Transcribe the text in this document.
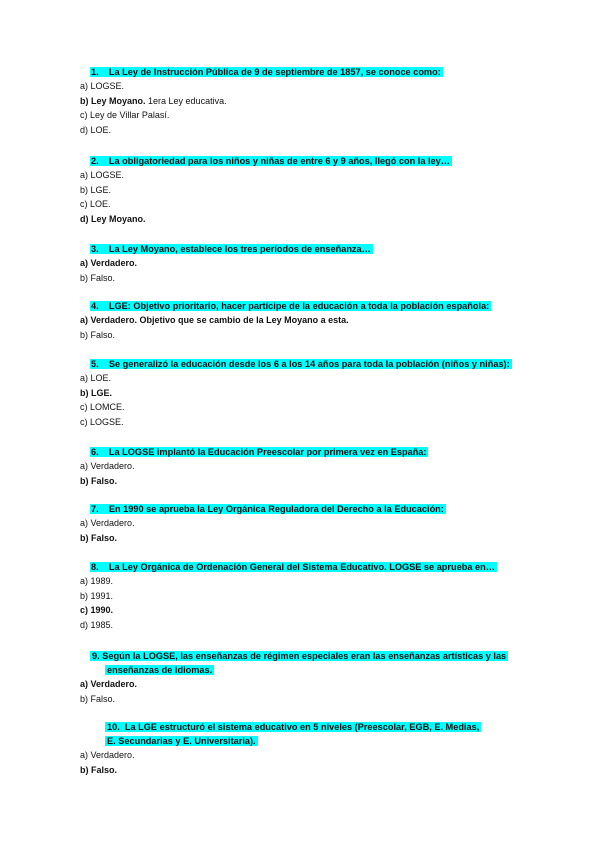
1. La Ley de Instrucción Pública de 9 de septiembre de 1857, se conoce como:
a) LOGSE.
b) Ley Moyano. 1era Ley educativa.
c) Ley de Villar Palasí.
d) LOE.
2. La obligatoriedad para los niños y niñas de entre 6 y 9 años, llegó con la ley…
a) LOGSE.
b) LGE.
c) LOE.
d) Ley Moyano.
3. La Ley Moyano, establece los tres períodos de enseñanza…
a) Verdadero.
b) Falso.
4. LGE: Objetivo prioritario, hacer partícipe de la educación a toda la población española:
a) Verdadero. Objetivo que se cambio de la Ley Moyano a esta.
b) Falso.
5. Se generalizó la educación desde los 6 a los 14 años para toda la población (niños y niñas):
a) LOE.
b) LGE.
c) LOMCE.
c) LOGSE.
6. La LOGSE implantó la Educación Preescolar por primera vez en España:
a) Verdadero.
b) Falso.
7. En 1990 se aprueba la Ley Orgánica Reguladora del Derecho a la Educación:
a) Verdadero.
b) Falso.
8. La Ley Orgánica de Ordenación General del Sistema Educativo. LOGSE se aprueba en…
a) 1989.
b) 1991.
c) 1990.
d) 1985.
9. Según la LOGSE, las enseñanzas de régimen especiales eran las enseñanzas artísticas y las
enseñanzas de idiomas.
a) Verdadero.
b) Falso.
10. La LGE estructuró el sistema educativo en 5 niveles (Preescolar, EGB, E. Medias,
E. Secundarias y E. Universitaria).
a) Verdadero.
b) Falso.
